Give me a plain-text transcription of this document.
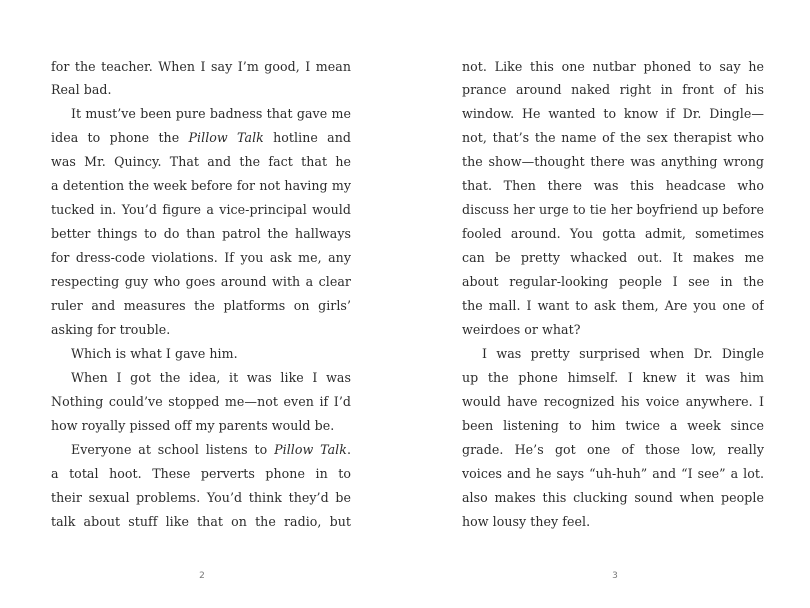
for the teacher. When I say I’m good, I mean
Real bad.
It must’ve been pure badness that gave me
idea to phone the Pillow Talk hotline and
was Mr. Quincy. That and the fact that he
a detention the week before for not having my
tucked in. You’d figure a vice-principal would
better things to do than patrol the hallways
for dress-code violations. If you ask me, any
respecting guy who goes around with a clear
ruler and measures the platforms on girls’
asking for trouble.
Which is what I gave him.
When I got the idea, it was like I was
Nothing could’ve stopped me—not even if I’d
how royally pissed off my parents would be.
Everyone at school listens to Pillow Talk.
a total hoot. These perverts phone in to
their sexual problems. You’d think they’d be
talk about stuff like that on the radio, but
2
not. Like this one nutbar phoned to say he
prance around naked right in front of his
window. He wanted to know if Dr. Dingle—
not, that’s the name of the sex therapist who
the show—thought there was anything wrong
that. Then there was this headcase who
discuss her urge to tie her boyfriend up before
fooled around. You gotta admit, sometimes
can be pretty whacked out. It makes me
about regular-looking people I see in the
the mall. I want to ask them, Are you one of
weirdoes or what?
I was pretty surprised when Dr. Dingle
up the phone himself. I knew it was him
would have recognized his voice anywhere. I
been listening to him twice a week since
grade. He’s got one of those low, really
voices and he says “uh-huh” and “I see” a lot.
also makes this clucking sound when people
how lousy they feel.
3
